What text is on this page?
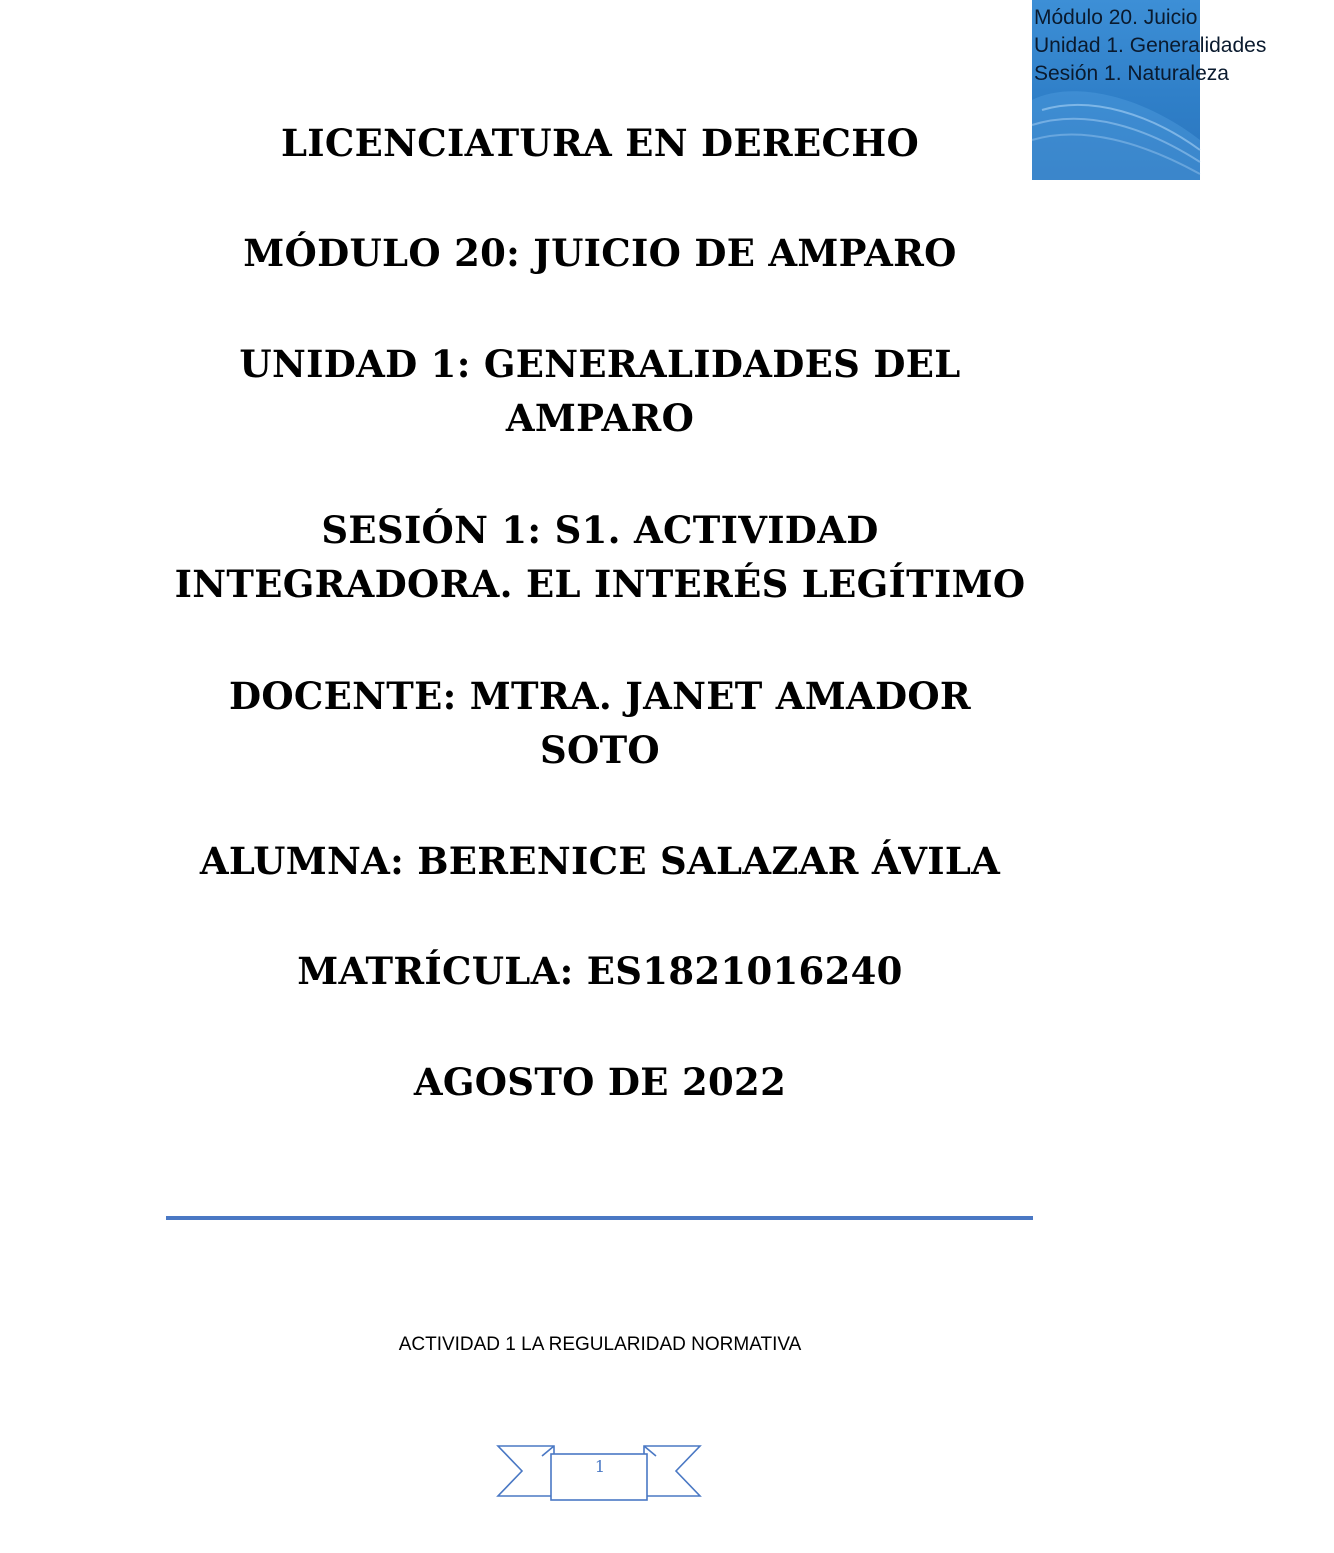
Módulo 20. Juicio
Unidad 1. Generalidades
Sesión 1. Naturaleza
LICENCIATURA EN DERECHO
MÓDULO 20: JUICIO DE AMPARO
UNIDAD 1: GENERALIDADES DEL
AMPARO
SESIÓN 1: S1. ACTIVIDAD
INTEGRADORA. EL INTERÉS LEGÍTIMO
DOCENTE: MTRA. JANET AMADOR
SOTO
ALUMNA: BERENICE SALAZAR ÁVILA
MATRÍCULA: ES1821016240
AGOSTO DE 2022
ACTIVIDAD 1 LA REGULARIDAD NORMATIVA
1
